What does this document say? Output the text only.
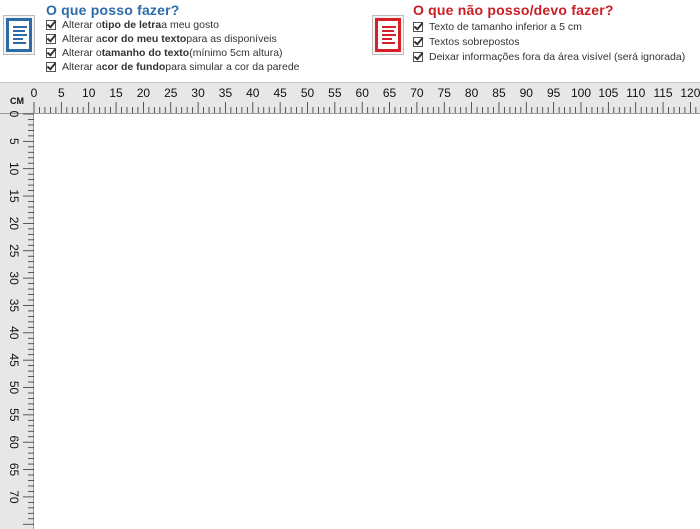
O que posso fazer?
Alterar o tipo de letra a meu gosto
Alterar a cor do meu texto para as disponíveis
Alterar o tamanho do texto (mínimo 5cm altura)
Alterar a cor de fundo para simular a cor da parede
O que não posso/devo fazer?
Texto de tamanho inferior a 5 cm
Textos sobrepostos
Deixar informações fora da área visível (será ignorada)
CM
0 5 10 15 20 25 30 35 40 45 50 55 60 65 70 75 80 85 90 95 100 105 110 115 120
0
5
10
15
20
25
30
35
40
45
50
55
60
65
70
